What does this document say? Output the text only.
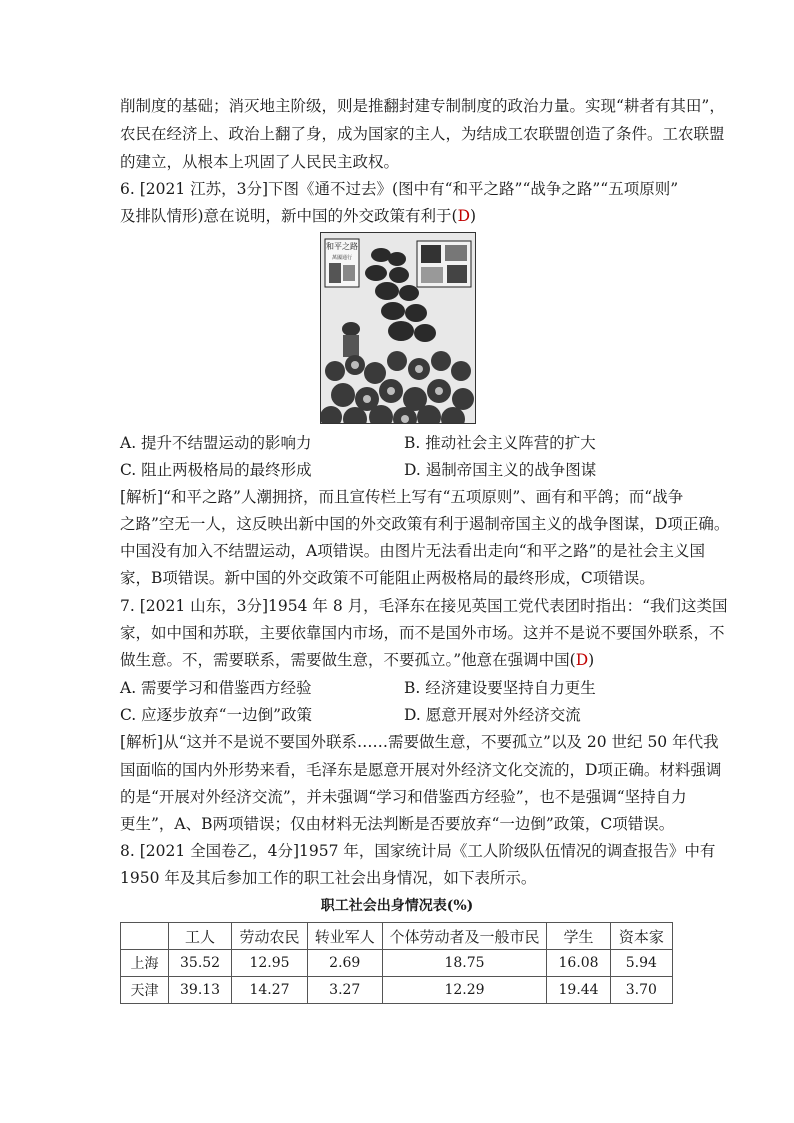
削制度的基础；消灭地主阶级，则是推翻封建专制制度的政治力量。实现“耕者有其田”，
农民在经济上、政治上翻了身，成为国家的主人，为结成工农联盟创造了条件。工农联盟
的建立，从根本上巩固了人民民主政权。
6. [2021 江苏，3分]下图《通不过去》(图中有“和平之路”“战争之路”“五项原则”
及排队情形)意在说明，新中国的外交政策有利于(D)
和平之路
萬國通行
A. 提升不结盟运动的影响力	B. 推动社会主义阵营的扩大
C. 阻止两极格局的最终形成	D. 遏制帝国主义的战争图谋
[解析]“和平之路”人潮拥挤，而且宣传栏上写有“五项原则”、画有和平鸽；而“战争
之路”空无一人，这反映出新中国的外交政策有利于遏制帝国主义的战争图谋，D项正确。
中国没有加入不结盟运动，A项错误。由图片无法看出走向“和平之路”的是社会主义国
家，B项错误。新中国的外交政策不可能阻止两极格局的最终形成，C项错误。
7. [2021 山东，3分]1954 年 8 月，毛泽东在接见英国工党代表团时指出：“我们这类国
家，如中国和苏联，主要依靠国内市场，而不是国外市场。这并不是说不要国外联系，不
做生意。不，需要联系，需要做生意，不要孤立。”他意在强调中国(D)
A. 需要学习和借鉴西方经验	B. 经济建设要坚持自力更生
C. 应逐步放弃“一边倒”政策	D. 愿意开展对外经济交流
[解析]从“这并不是说不要国外联系……需要做生意，不要孤立”以及 20 世纪 50 年代我
国面临的国内外形势来看，毛泽东是愿意开展对外经济文化交流的，D项正确。材料强调
的是“开展对外经济交流”，并未强调“学习和借鉴西方经验”，也不是强调“坚持自力
更生”，A、B两项错误；仅由材料无法判断是否要放弃“一边倒”政策，C项错误。
8. [2021 全国卷乙，4分]1957 年，国家统计局《工人阶级队伍情况的调查报告》中有
1950 年及其后参加工作的职工社会出身情况，如下表所示。
职工社会出身情况表(%)
	工人	劳动农民	转业军人	个体劳动者及一般市民	学生	资本家
上海	35.52	12.95	2.69	18.75	16.08	5.94
天津	39.13	14.27	3.27	12.29	19.44	3.70
